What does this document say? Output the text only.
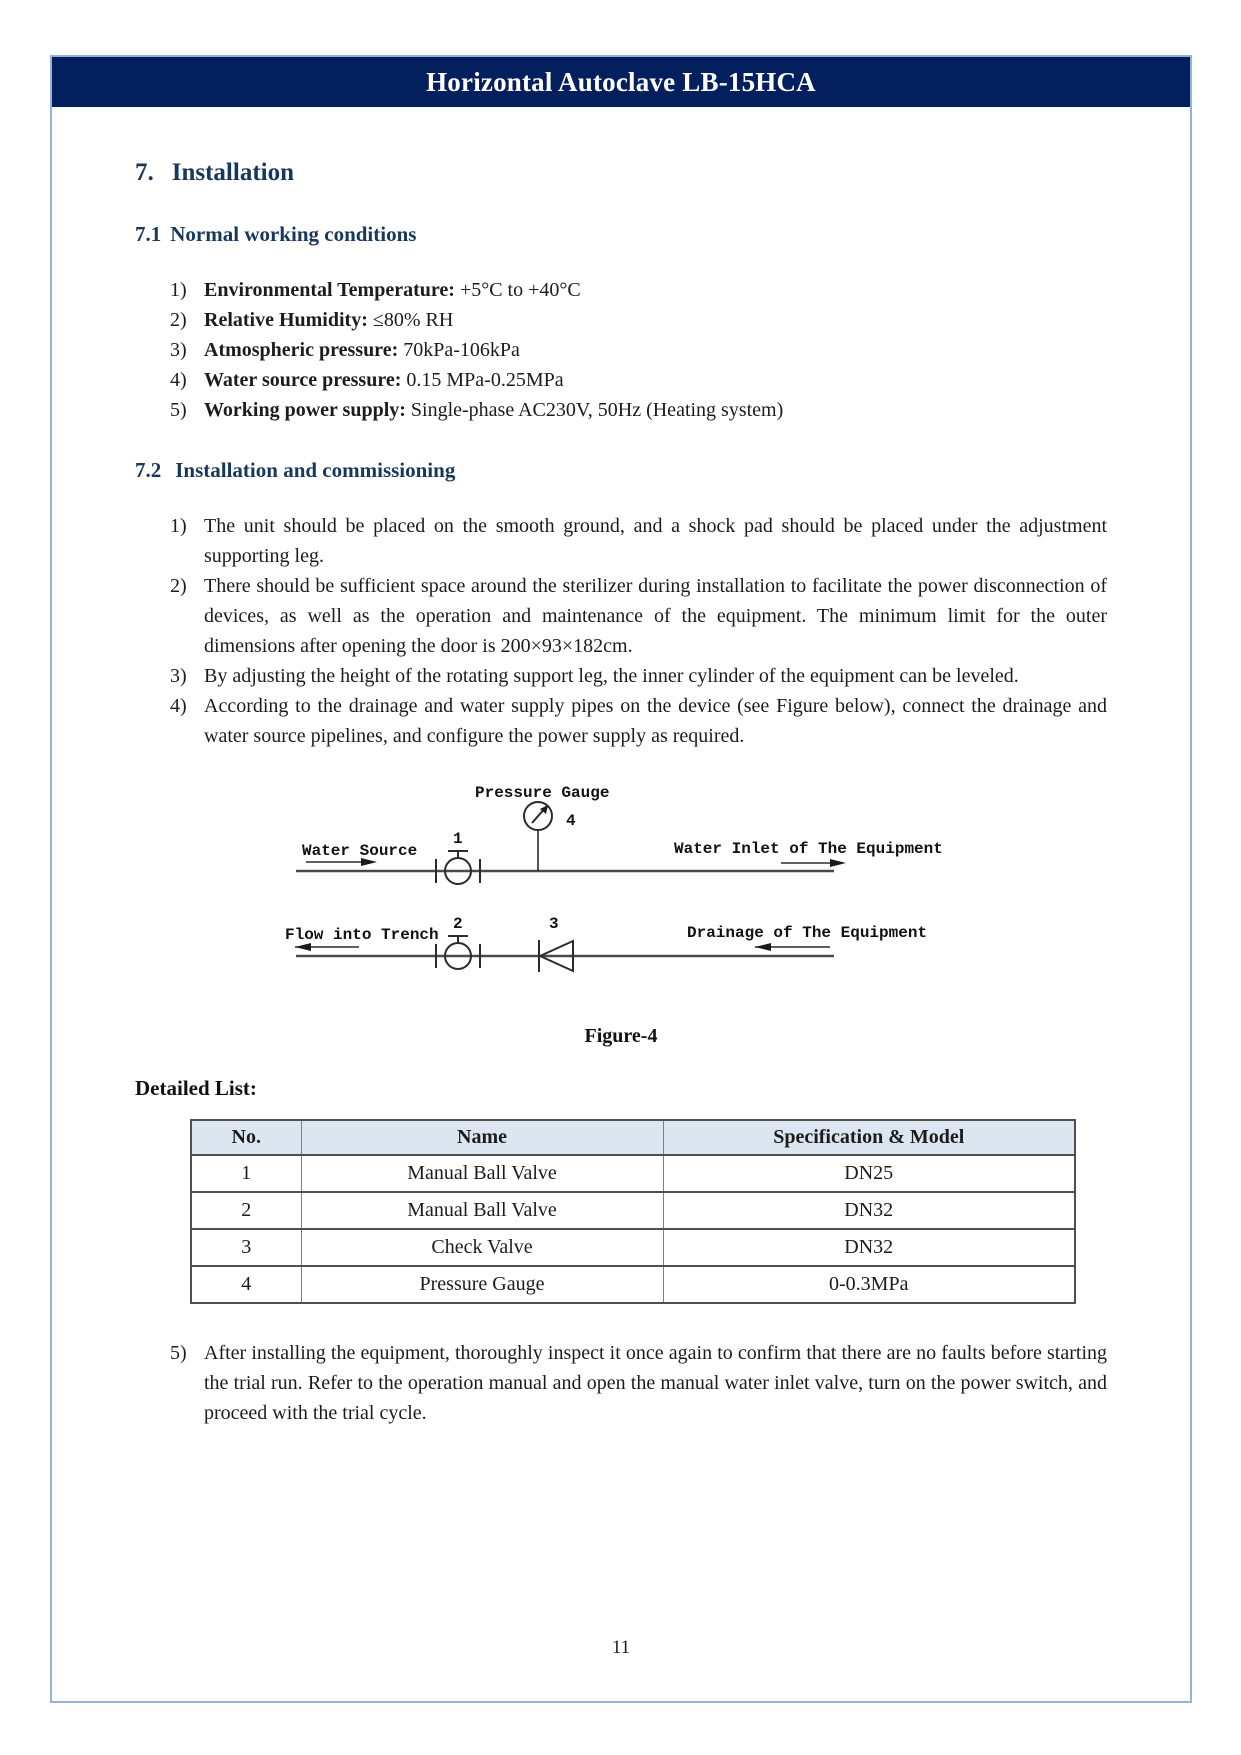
Horizontal Autoclave LB-15HCA
7. Installation
7.1 Normal working conditions
1) Environmental Temperature: +5°C to +40°C
2) Relative Humidity: ≤80% RH
3) Atmospheric pressure: 70kPa-106kPa
4) Water source pressure: 0.15 MPa-0.25MPa
5) Working power supply: Single-phase AC230V, 50Hz (Heating system)
7.2 Installation and commissioning
1) The unit should be placed on the smooth ground, and a shock pad should be placed under the adjustment supporting leg.
2) There should be sufficient space around the sterilizer during installation to facilitate the power disconnection of devices, as well as the operation and maintenance of the equipment. The minimum limit for the outer dimensions after opening the door is 200×93×182cm.
3) By adjusting the height of the rotating support leg, the inner cylinder of the equipment can be leveled.
4) According to the drainage and water supply pipes on the device (see Figure below), connect the drainage and water source pipelines, and configure the power supply as required.
1
Pressure Gauge
4
Water Source	Water Inlet of The Equipment
2	3
Flow into Trench	Drainage of The Equipment
Figure-4
Detailed List:
No.	Name	Specification & Model
1	Manual Ball Valve	DN25
2	Manual Ball Valve	DN32
3	Check Valve	DN32
4	Pressure Gauge	0-0.3MPa
5) After installing the equipment, thoroughly inspect it once again to confirm that there are no faults before starting the trial run. Refer to the operation manual and open the manual water inlet valve, turn on the power switch, and proceed with the trial cycle.
11
